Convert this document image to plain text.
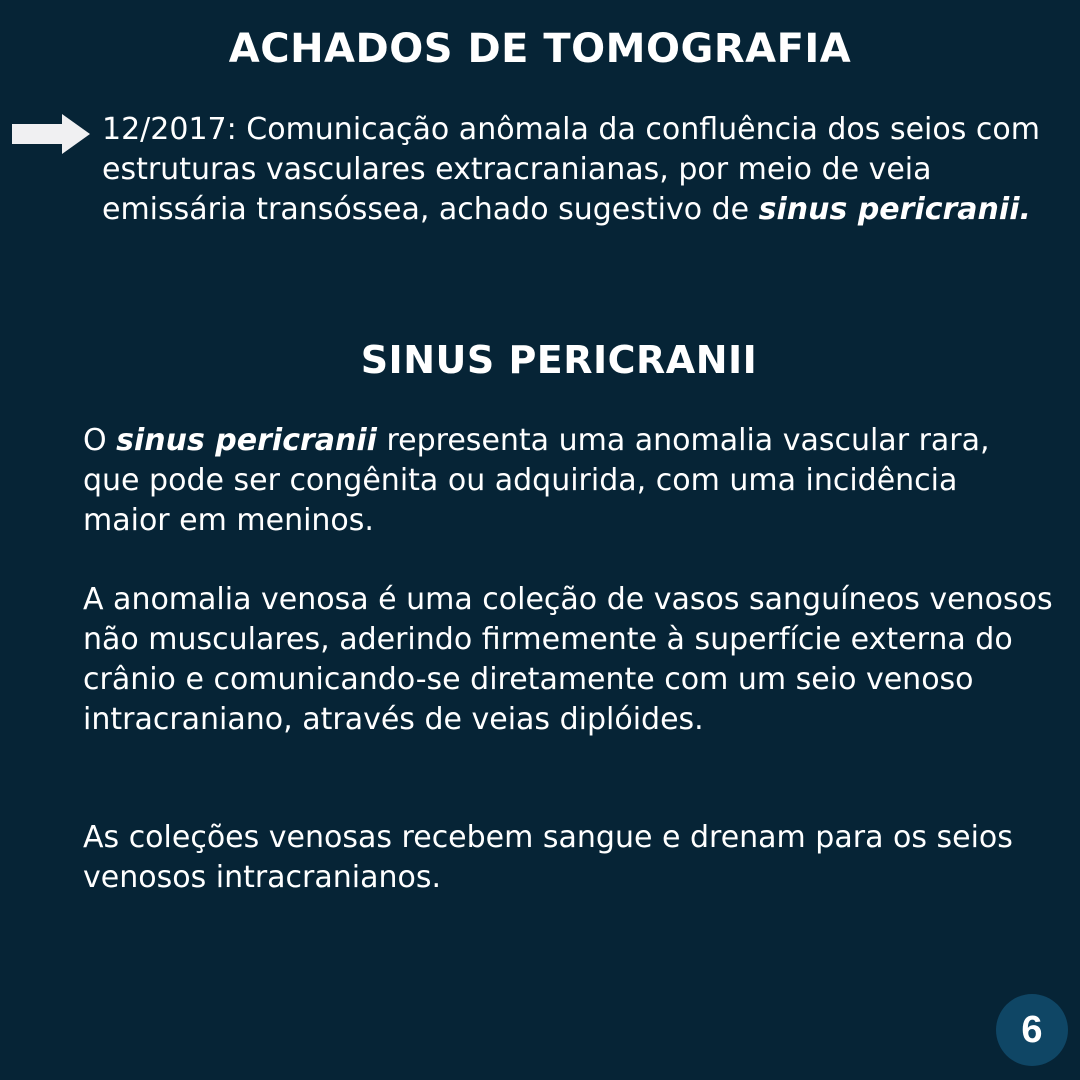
ACHADOS DE TOMOGRAFIA

12/2017: Comunicação anômala da confluência dos seios com estruturas vasculares extracranianas, por meio de veia emissária transóssea, achado sugestivo de sinus pericranii.

SINUS PERICRANII

O sinus pericranii representa uma anomalia vascular rara, que pode ser congênita ou adquirida, com uma incidência maior em meninos.

A anomalia venosa é uma coleção de vasos sanguíneos venosos não musculares, aderindo firmemente à superfície externa do crânio e comunicando-se diretamente com um seio venoso intracraniano, através de veias diplóides.

As coleções venosas recebem sangue e drenam para os seios venosos intracranianos.

6
